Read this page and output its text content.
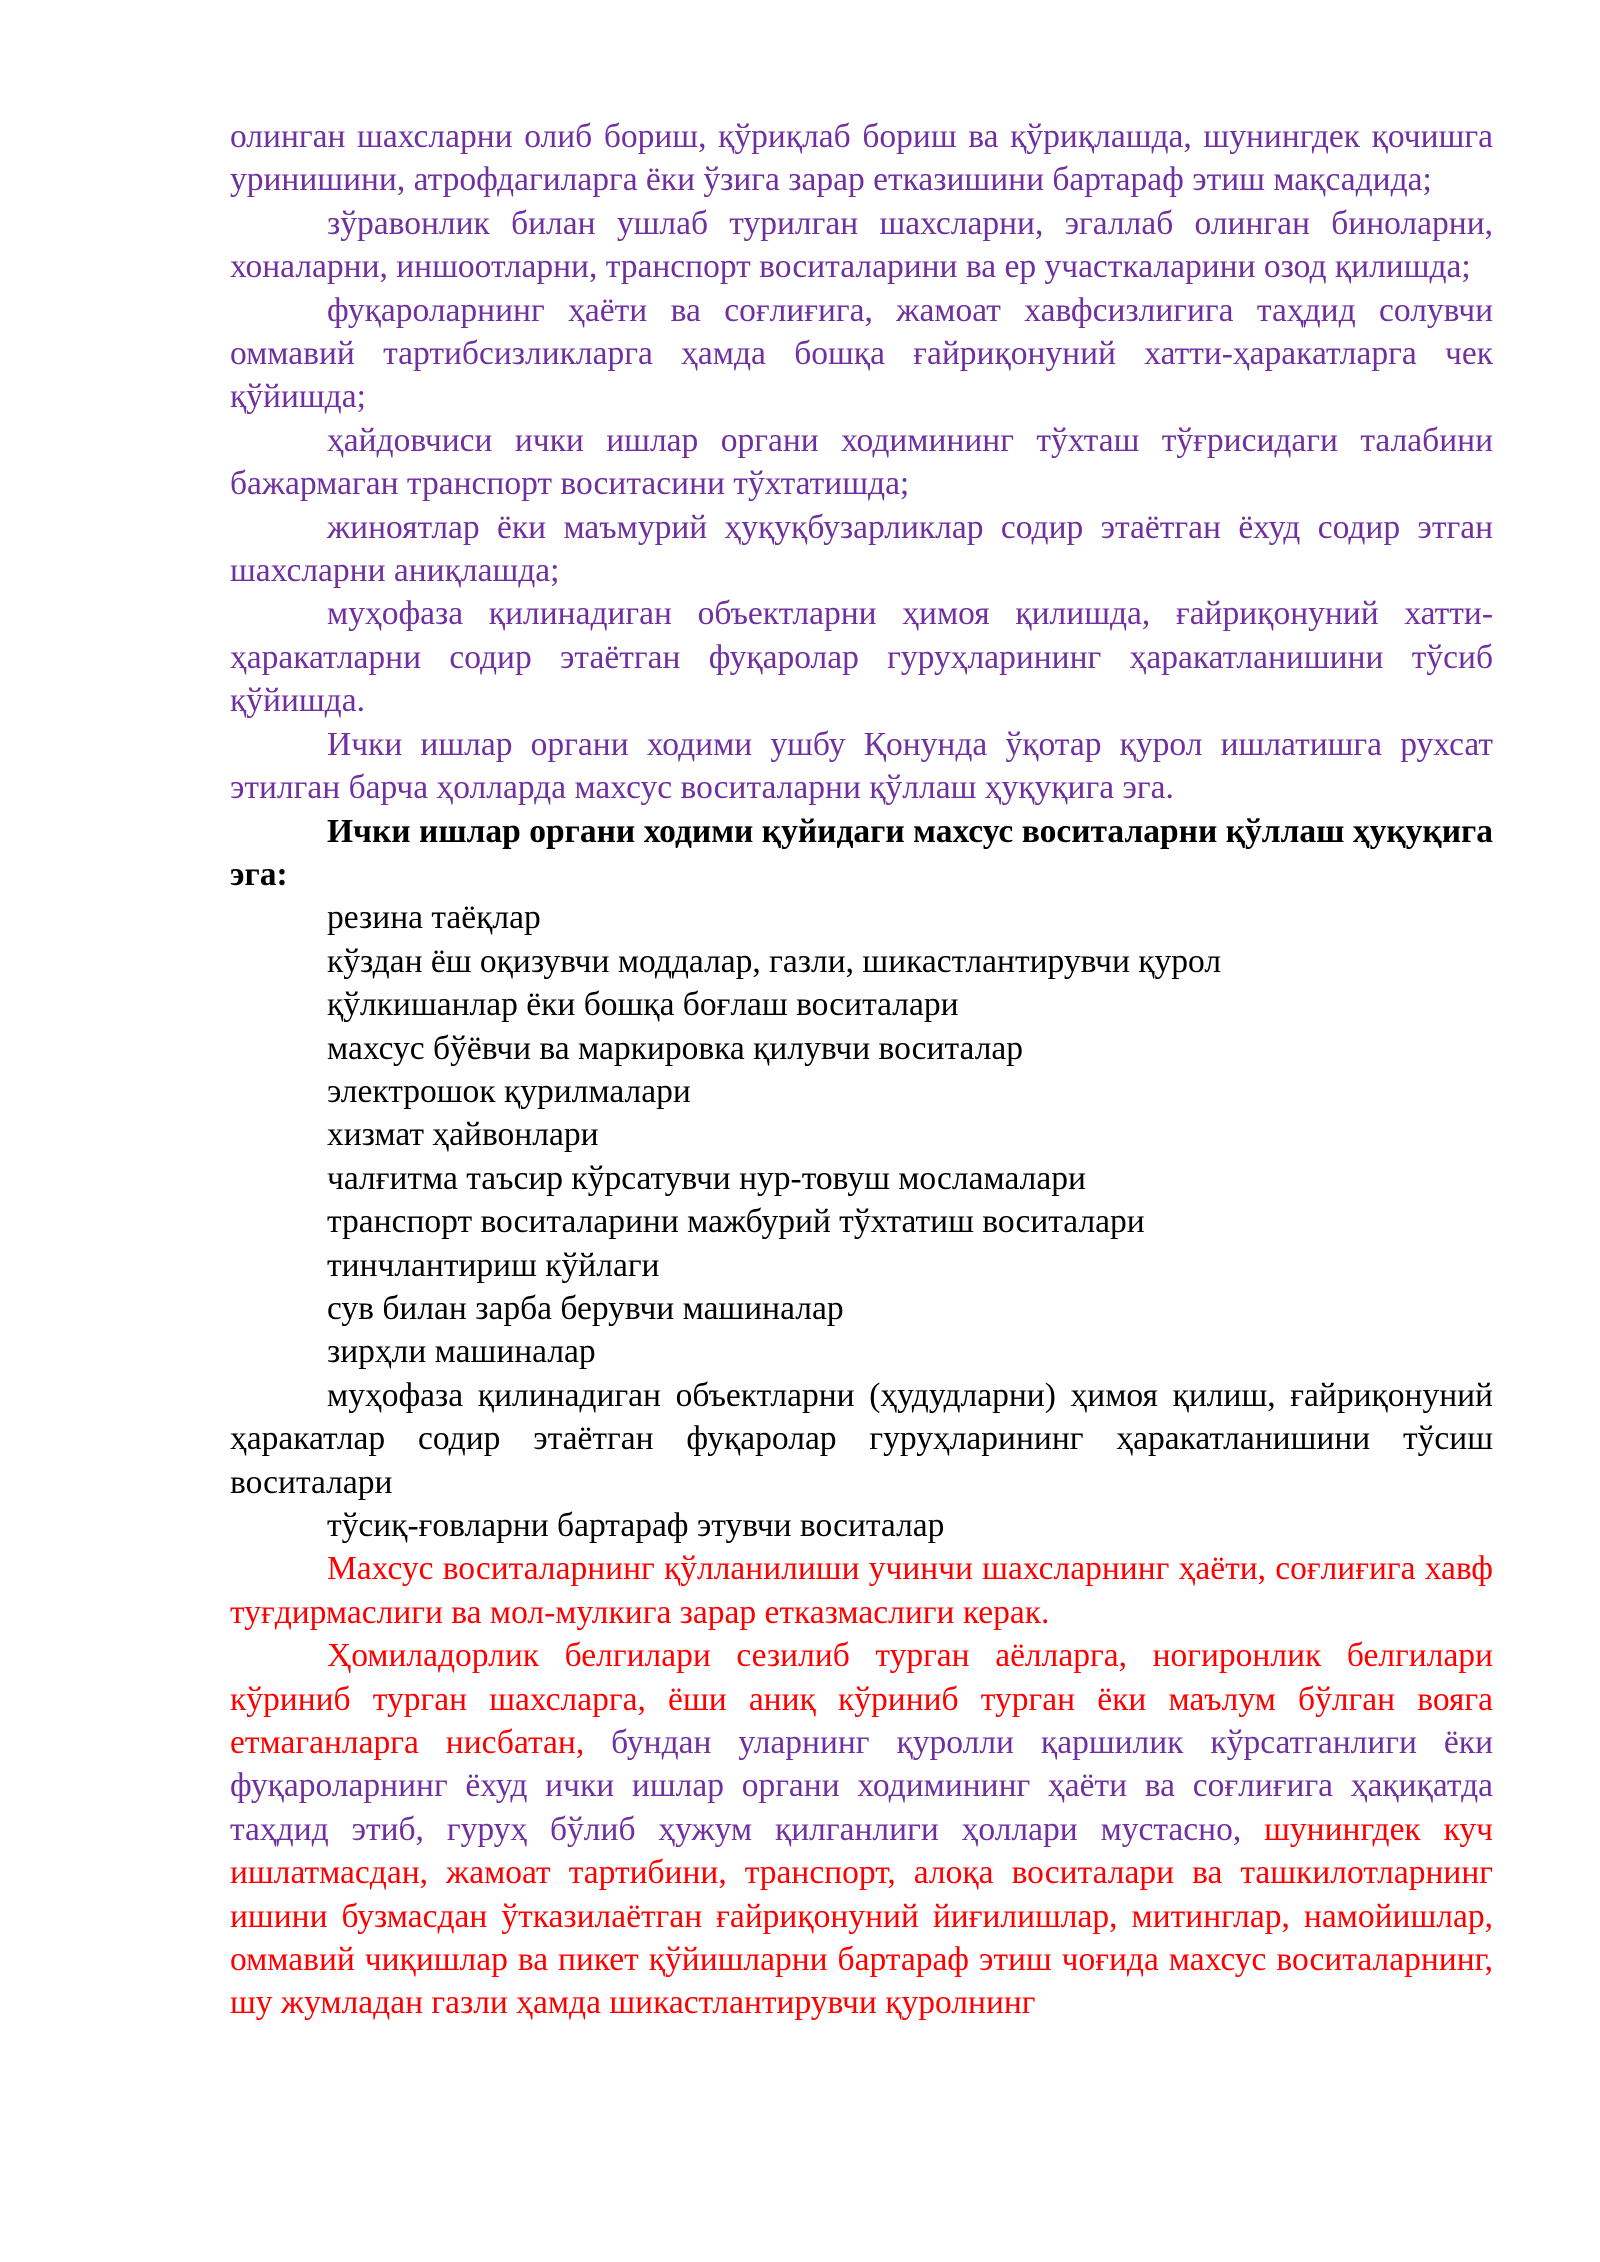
олинган шахсларни олиб бориш, қўриқлаб бориш ва қўриқлашда, шунингдек қочишга уринишини, атрофдагиларга ёки ўзига зарар етказишини бартараф этиш мақсадида;

зўравонлик билан ушлаб турилган шахсларни, эгаллаб олинган биноларни, хоналарни, иншоотларни, транспорт воситаларини ва ер участкаларини озод қилишда;

фуқароларнинг ҳаёти ва соғлиғига, жамоат хавфсизлигига таҳдид солувчи оммавий тартибсизликларга ҳамда бошқа ғайриқонуний хатти-ҳаракатларга чек қўйишда;

ҳайдовчиси ички ишлар органи ходимининг тўхташ тўғрисидаги талабини бажармаган транспорт воситасини тўхтатишда;

жиноятлар ёки маъмурий ҳуқуқбузарликлар содир этаётган ёхуд содир этган шахсларни аниқлашда;

муҳофаза қилинадиган объектларни ҳимоя қилишда, ғайриқонуний хатти-ҳаракатларни содир этаётган фуқаролар гуруҳларининг ҳаракатланишини тўсиб қўйишда.

Ички ишлар органи ходими ушбу Қонунда ўқотар қурол ишлатишга рухсат этилган барча ҳолларда махсус воситаларни қўллаш ҳуқуқига эга.

Ички ишлар органи ходими қуйидаги махсус воситаларни қўллаш ҳуқуқига эга:

резина таёқлар
кўздан ёш оқизувчи моддалар, газли, шикастлантирувчи қурол
қўлкишанлар ёки бошқа боғлаш воситалари
махсус бўёвчи ва маркировка қилувчи воситалар
электрошок қурилмалари
хизмат ҳайвонлари
чалғитма таъсир кўрсатувчи нур-товуш мосламалари
транспорт воситаларини мажбурий тўхтатиш воситалари
тинчлантириш кўйлаги
сув билан зарба берувчи машиналар
зирҳли машиналар
муҳофаза қилинадиган объектларни (ҳудудларни) ҳимоя қилиш, ғайриқонуний ҳаракатлар содир этаётган фуқаролар гуруҳларининг ҳаракатланишини тўсиш воситалари
тўсиқ-ғовларни бартараф этувчи воситалар

Махсус воситаларнинг қўлланилиши учинчи шахсларнинг ҳаёти, соғлиғига хавф туғдирмаслиги ва мол-мулкига зарар етказмаслиги керак.

Ҳомиладорлик белгилари сезилиб турган аёлларга, ногиронлик белгилари кўриниб турган шахсларга, ёши аниқ кўриниб турган ёки маълум бўлган вояга етмаганларга нисбатан, бундан уларнинг қуролли қаршилик кўрсатганлиги ёки фуқароларнинг ёхуд ички ишлар органи ходимининг ҳаёти ва соғлиғига ҳақиқатда таҳдид этиб, гуруҳ бўлиб ҳужум қилганлиги ҳоллари мустасно, шунингдек куч ишлатмасдан, жамоат тартибини, транспорт, алоқа воситалари ва ташкилотларнинг ишини бузмасдан ўтказилаётган ғайриқонуний йиғилишлар, митинглар, намойишлар, оммавий чиқишлар ва пикет қўйишларни бартараф этиш чоғида махсус воситаларнинг, шу жумладан газли ҳамда шикастлантирувчи қуролнинг
